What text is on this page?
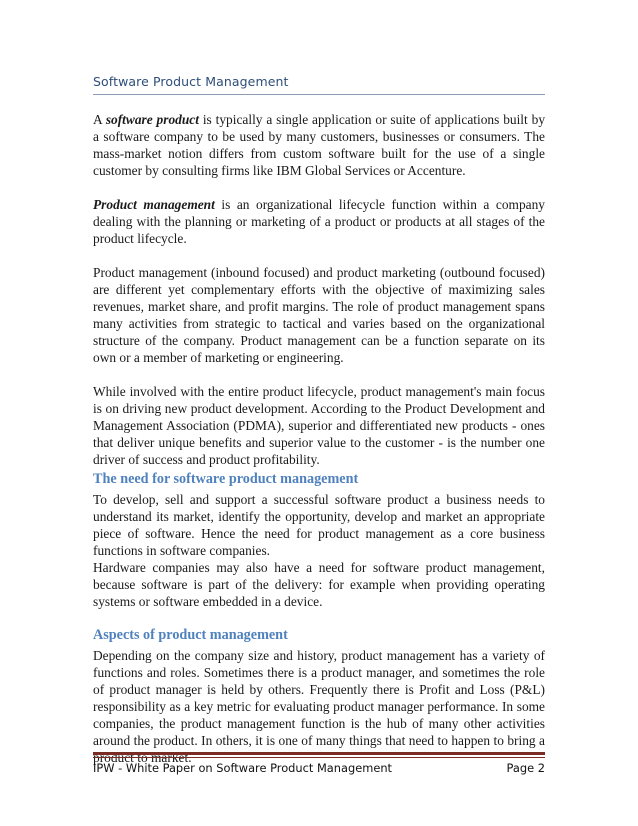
Software Product Management

A software product is typically a single application or suite of applications built by a software company to be used by many customers, businesses or consumers. The mass-market notion differs from custom software built for the use of a single customer by consulting firms like IBM Global Services or Accenture.

Product management is an organizational lifecycle function within a company dealing with the planning or marketing of a product or products at all stages of the product lifecycle.

Product management (inbound focused) and product marketing (outbound focused) are different yet complementary efforts with the objective of maximizing sales revenues, market share, and profit margins. The role of product management spans many activities from strategic to tactical and varies based on the organizational structure of the company. Product management can be a function separate on its own or a member of marketing or engineering.

While involved with the entire product lifecycle, product management's main focus is on driving new product development. According to the Product Development and Management Association (PDMA), superior and differentiated new products - ones that deliver unique benefits and superior value to the customer - is the number one driver of success and product profitability.

The need for software product management

To develop, sell and support a successful software product a business needs to understand its market, identify the opportunity, develop and market an appropriate piece of software. Hence the need for product management as a core business functions in software companies.

Hardware companies may also have a need for software product management, because software is part of the delivery: for example when providing operating systems or software embedded in a device.

Aspects of product management

Depending on the company size and history, product management has a variety of functions and roles. Sometimes there is a product manager, and sometimes the role of product manager is held by others. Frequently there is Profit and Loss (P&L) responsibility as a key metric for evaluating product manager performance. In some companies, the product management function is the hub of many other activities around the product. In others, it is one of many things that need to happen to bring a product to market.

IPW - White Paper on Software Product Management	Page 2
